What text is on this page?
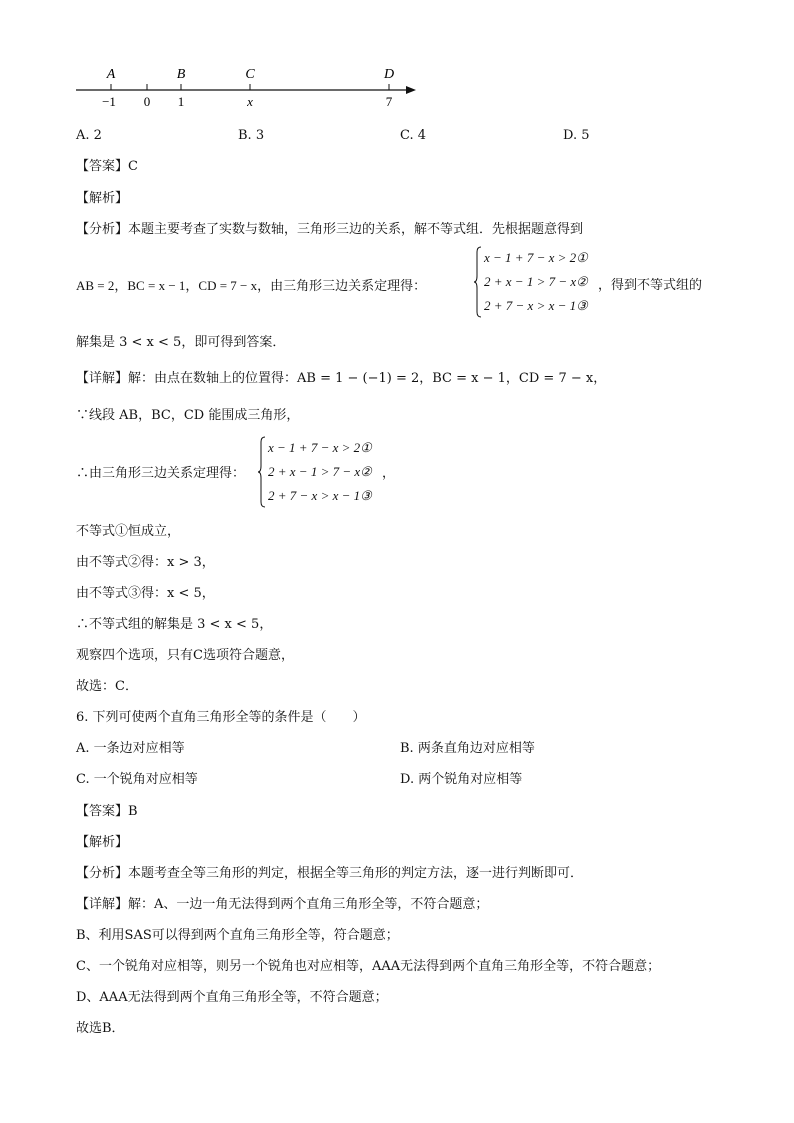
A	B	C	D
−1 0 1	x	7
A. 2	B. 3	C. 4	D. 5
【答案】C
【解析】
【分析】本题主要考查了实数与数轴，三角形三边的关系，解不等式组．先根据题意得到
AB = 2，BC = x − 1，CD = 7 − x，由三角形三边关系定理得：
x − 1 + 7 − x > 2①
2 + x − 1 > 7 − x②
2 + 7 − x > x − 1③
，得到不等式组的
解集是 3 < x < 5，即可得到答案．
【详解】解：由点在数轴上的位置得：AB = 1 − (−1) = 2，BC = x − 1，CD = 7 − x，
∵线段 AB，BC，CD 能围成三角形，
∴由三角形三边关系定理得：
x − 1 + 7 − x > 2①
2 + x − 1 > 7 − x②
2 + 7 − x > x − 1③
，
不等式①恒成立，
由不等式②得：x > 3，
由不等式③得：x < 5，
∴不等式组的解集是 3 < x < 5，
观察四个选项，只有C选项符合题意，
故选：C．
6. 下列可使两个直角三角形全等的条件是（　　）
A. 一条边对应相等	B. 两条直角边对应相等
C. 一个锐角对应相等	D. 两个锐角对应相等
【答案】B
【解析】
【分析】本题考查全等三角形的判定，根据全等三角形的判定方法，逐一进行判断即可．
【详解】解：A、一边一角无法得到两个直角三角形全等，不符合题意；
B、利用SAS可以得到两个直角三角形全等，符合题意；
C、一个锐角对应相等，则另一个锐角也对应相等，AAA无法得到两个直角三角形全等，不符合题意；
D、AAA无法得到两个直角三角形全等，不符合题意；
故选B．
